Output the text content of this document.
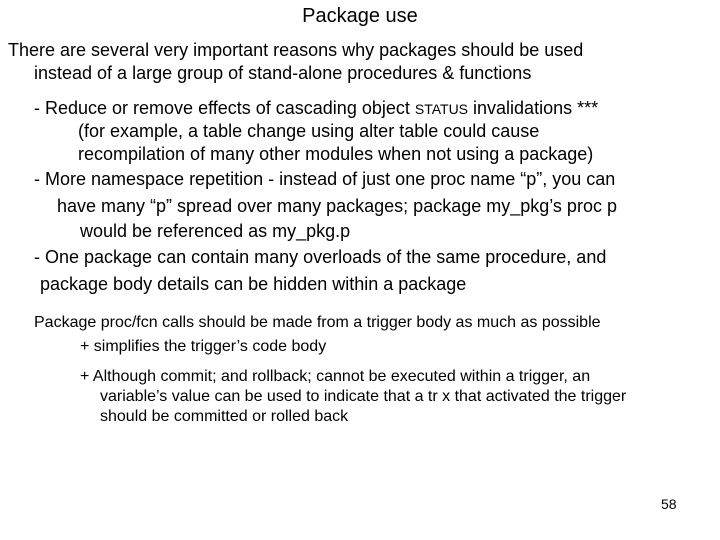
Package use
There are several very important reasons why packages should be used
instead of a large group of stand-alone procedures & functions
- Reduce or remove effects of cascading object STATUS invalidations ***
(for example, a table change using alter table could cause
recompilation of many other modules when not using a package)
- More namespace repetition - instead of just one proc name “p”, you can
have many “p” spread over many packages; package my_pkg’s proc p
would be referenced as my_pkg.p
- One package can contain many overloads of the same procedure, and
package body details can be hidden within a package
Package proc/fcn calls should be made from a trigger body as much as possible
+ simplifies the trigger’s code body
+ Although commit; and rollback; cannot be executed within a trigger, an
variable’s value can be used to indicate that a tr x that activated the trigger
should be committed or rolled back
58
